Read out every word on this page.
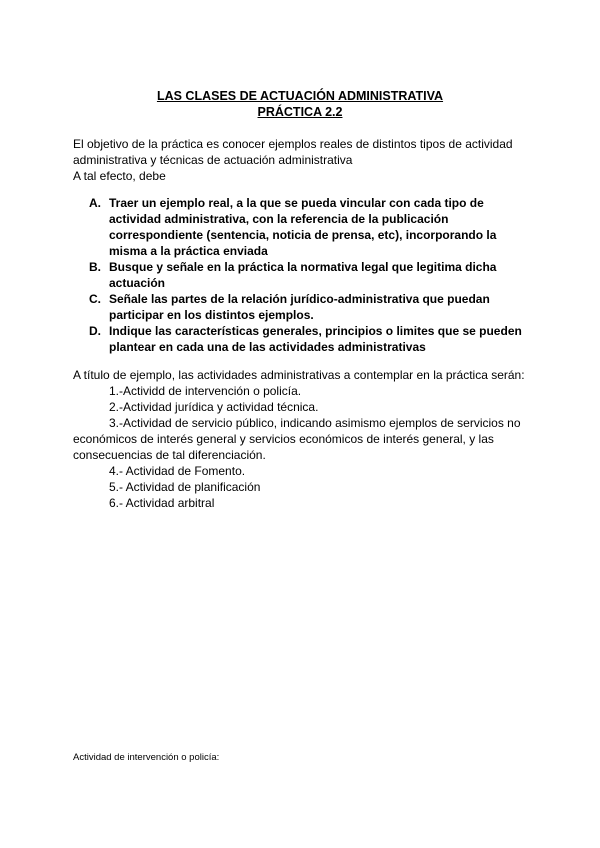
LAS CLASES DE ACTUACIÓN ADMINISTRATIVA
PRÁCTICA 2.2

El objetivo de la práctica es conocer ejemplos reales de distintos tipos de actividad administrativa y técnicas de actuación administrativa

A tal efecto, debe

A. Traer un ejemplo real, a la que se pueda vincular con cada tipo de actividad administrativa, con la referencia de la publicación correspondiente (sentencia, noticia de prensa, etc), incorporando la misma a la práctica enviada
B. Busque y señale en la práctica la normativa legal que legitima dicha actuación
C. Señale las partes de la relación jurídico-administrativa que puedan participar en los distintos ejemplos.
D. Indique las características generales, principios o limites que se pueden plantear en cada una de las actividades administrativas

A título de ejemplo, las actividades administrativas a contemplar en la práctica serán:

1.-Actividd de intervención o policía.

2.-Actividad jurídica y actividad técnica.

3.-Actividad de servicio público, indicando asimismo ejemplos de servicios no económicos de interés general y servicios económicos de interés general, y las consecuencias de tal diferenciación.

4.- Actividad de Fomento.

5.- Actividad de planificación

6.- Actividad arbitral

Actividad de intervención o policía:
